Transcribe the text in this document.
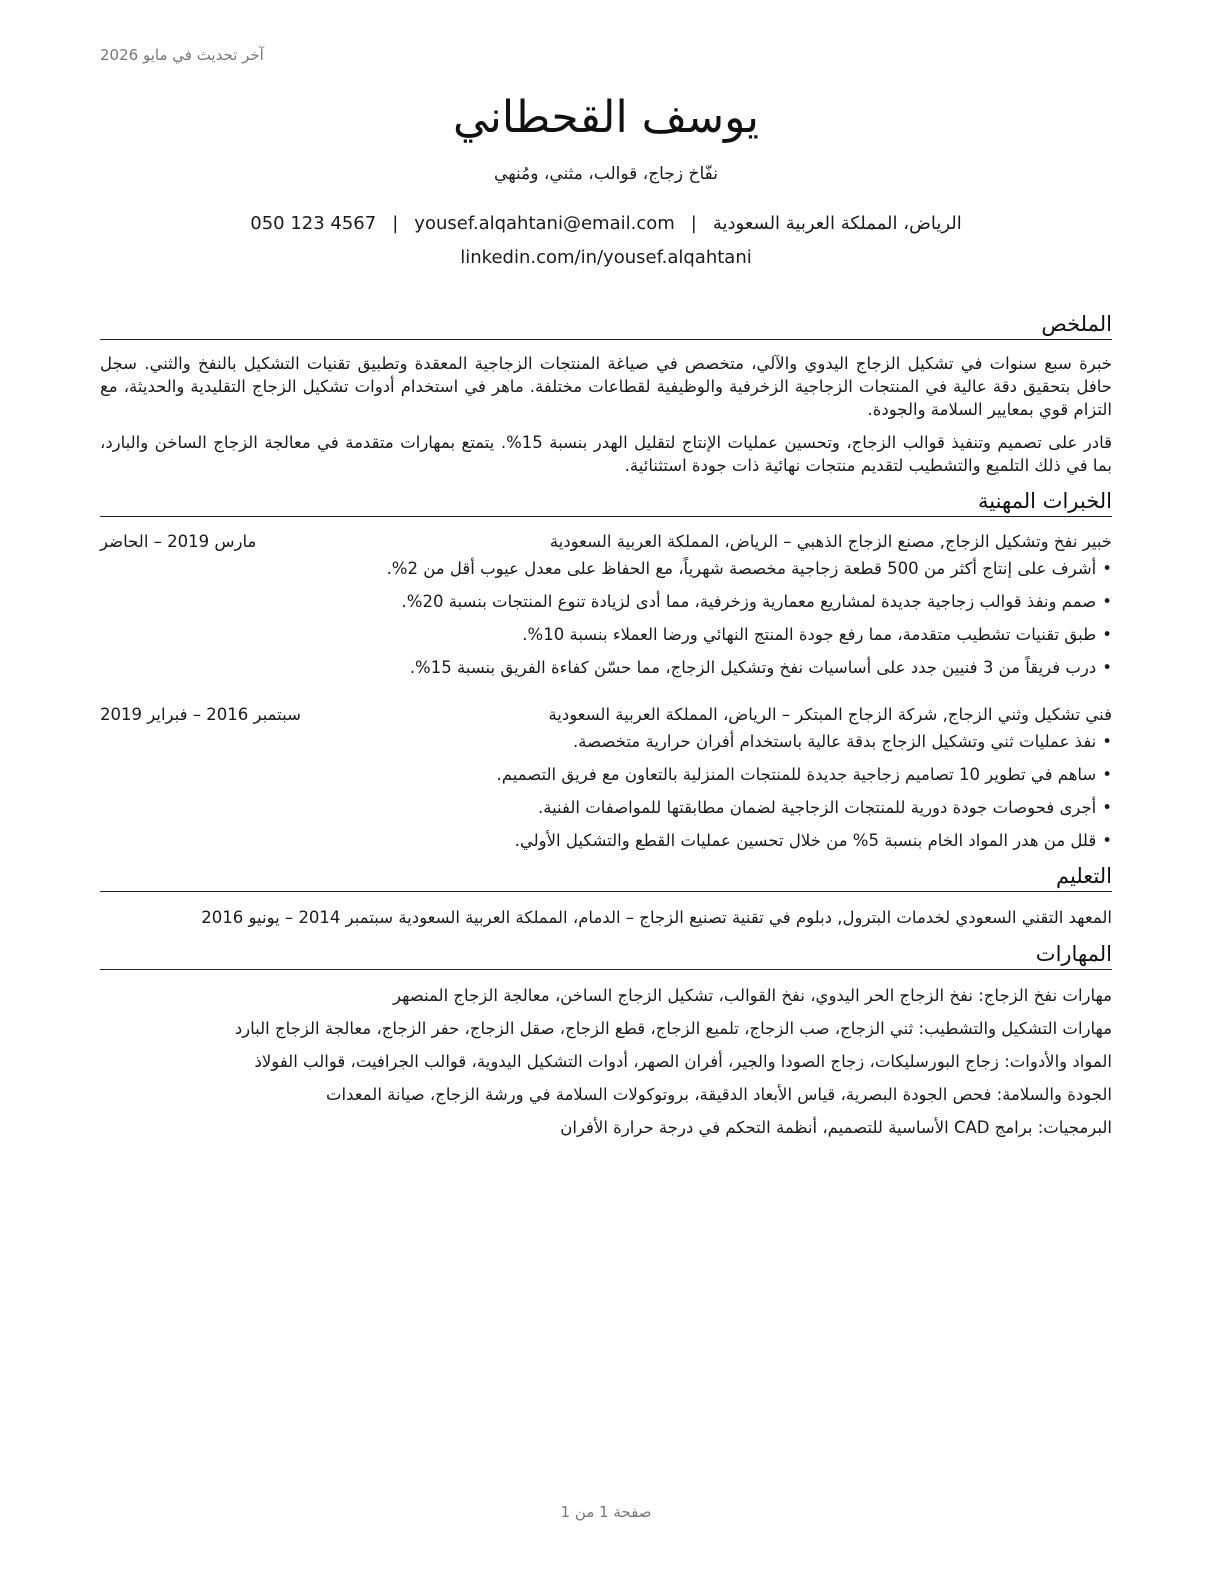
آخر تحديث في مايو 2026
يوسف القحطاني
نفّاخ زجاج، قوالب، مثني، ومُنهي
الرياض، المملكة العربية السعودية|yousef.alqahtani@email.com|050 123 4567
linkedin.com/in/yousef.alqahtani
الملخص

خبرة سبع سنوات في تشكيل الزجاج اليدوي والآلي، متخصص في صياغة المنتجات الزجاجية المعقدة وتطبيق تقنيات التشكيل بالنفخ والثني. سجل حافل بتحقيق دقة عالية في المنتجات الزجاجية الزخرفية والوظيفية لقطاعات مختلفة. ماهر في استخدام أدوات تشكيل الزجاج التقليدية والحديثة، مع التزام قوي بمعايير السلامة والجودة.

قادر على تصميم وتنفيذ قوالب الزجاج، وتحسين عمليات الإنتاج لتقليل الهدر بنسبة 15%. يتمتع بمهارات متقدمة في معالجة الزجاج الساخن والبارد، بما في ذلك التلميع والتشطيب لتقديم منتجات نهائية ذات جودة استثنائية.

الخبرات المهنية
خبير نفخ وتشكيل الزجاج, مصنع الزجاج الذهبي – الرياض، المملكة العربية السعودية
مارس 2019 – الحاضر
•أشرف على إنتاج أكثر من 500 قطعة زجاجية مخصصة شهرياً، مع الحفاظ على معدل عيوب أقل من 2%.
•صمم ونفذ قوالب زجاجية جديدة لمشاريع معمارية وزخرفية، مما أدى لزيادة تنوع المنتجات بنسبة 20%.
•طبق تقنيات تشطيب متقدمة، مما رفع جودة المنتج النهائي ورضا العملاء بنسبة 10%.
•درب فريقاً من 3 فنيين جدد على أساسيات نفخ وتشكيل الزجاج، مما حسّن كفاءة الفريق بنسبة 15%.
فني تشكيل وثني الزجاج, شركة الزجاج المبتكر – الرياض، المملكة العربية السعودية
سبتمبر 2016 – فبراير 2019
•نفذ عمليات ثني وتشكيل الزجاج بدقة عالية باستخدام أفران حرارية متخصصة.
•ساهم في تطوير 10 تصاميم زجاجية جديدة للمنتجات المنزلية بالتعاون مع فريق التصميم.
•أجرى فحوصات جودة دورية للمنتجات الزجاجية لضمان مطابقتها للمواصفات الفنية.
•قلل من هدر المواد الخام بنسبة 5% من خلال تحسين عمليات القطع والتشكيل الأولي.
التعليم
المعهد التقني السعودي لخدمات البترول, دبلوم في تقنية تصنيع الزجاج – الدمام، المملكة العربية السعودية سبتمبر 2014 – يونيو 2016
المهارات
مهارات نفخ الزجاج: نفخ الزجاج الحر اليدوي، نفخ القوالب، تشكيل الزجاج الساخن، معالجة الزجاج المنصهر
مهارات التشكيل والتشطيب: ثني الزجاج، صب الزجاج، تلميع الزجاج، قطع الزجاج، صقل الزجاج، حفر الزجاج، معالجة الزجاج البارد
المواد والأدوات: زجاج البورسليكات، زجاج الصودا والجير، أفران الصهر، أدوات التشكيل اليدوية، قوالب الجرافيت، قوالب الفولاذ
الجودة والسلامة: فحص الجودة البصرية، قياس الأبعاد الدقيقة، بروتوكولات السلامة في ورشة الزجاج، صيانة المعدات
البرمجيات: برامج CAD الأساسية للتصميم، أنظمة التحكم في درجة حرارة الأفران
صفحة 1 من 1
